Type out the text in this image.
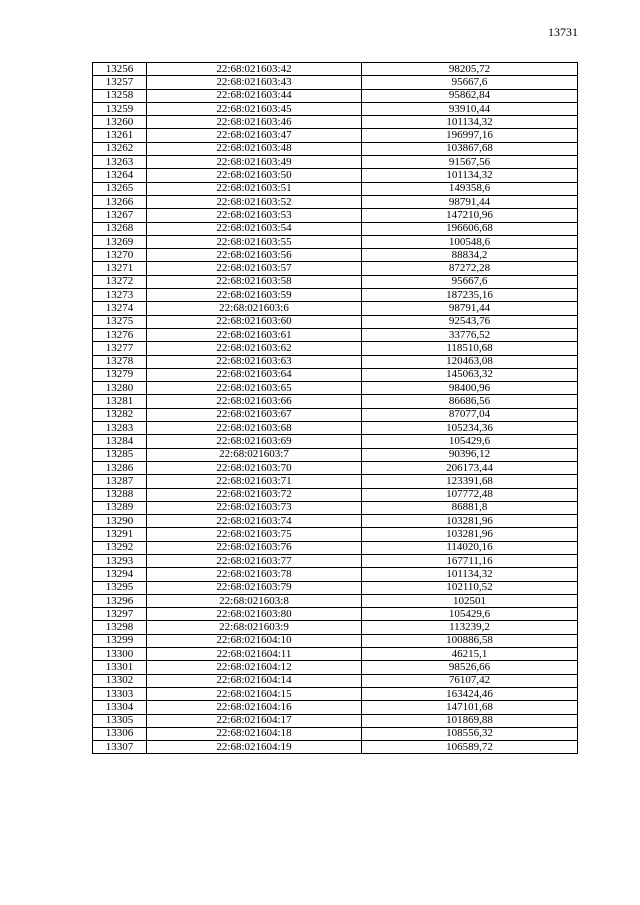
13731
13256	22:68:021603:42	98205,72
13257	22:68:021603:43	95667,6
13258	22:68:021603:44	95862,84
13259	22:68:021603:45	93910,44
13260	22:68:021603:46	101134,32
13261	22:68:021603:47	196997,16
13262	22:68:021603:48	103867,68
13263	22:68:021603:49	91567,56
13264	22:68:021603:50	101134,32
13265	22:68:021603:51	149358,6
13266	22:68:021603:52	98791,44
13267	22:68:021603:53	147210,96
13268	22:68:021603:54	196606,68
13269	22:68:021603:55	100548,6
13270	22:68:021603:56	88834,2
13271	22:68:021603:57	87272,28
13272	22:68:021603:58	95667,6
13273	22:68:021603:59	187235,16
13274	22:68:021603:6	98791,44
13275	22:68:021603:60	92543,76
13276	22:68:021603:61	33776,52
13277	22:68:021603:62	118510,68
13278	22:68:021603:63	120463,08
13279	22:68:021603:64	145063,32
13280	22:68:021603:65	98400,96
13281	22:68:021603:66	86686,56
13282	22:68:021603:67	87077,04
13283	22:68:021603:68	105234,36
13284	22:68:021603:69	105429,6
13285	22:68:021603:7	90396,12
13286	22:68:021603:70	206173,44
13287	22:68:021603:71	123391,68
13288	22:68:021603:72	107772,48
13289	22:68:021603:73	86881,8
13290	22:68:021603:74	103281,96
13291	22:68:021603:75	103281,96
13292	22:68:021603:76	114020,16
13293	22:68:021603:77	167711,16
13294	22:68:021603:78	101134,32
13295	22:68:021603:79	102110,52
13296	22:68:021603:8	102501
13297	22:68:021603:80	105429,6
13298	22:68:021603:9	113239,2
13299	22:68:021604:10	100886,58
13300	22:68:021604:11	46215,1
13301	22:68:021604:12	98526,66
13302	22:68:021604:14	76107,42
13303	22:68:021604:15	163424,46
13304	22:68:021604:16	147101,68
13305	22:68:021604:17	101869,88
13306	22:68:021604:18	108556,32
13307	22:68:021604:19	106589,72
